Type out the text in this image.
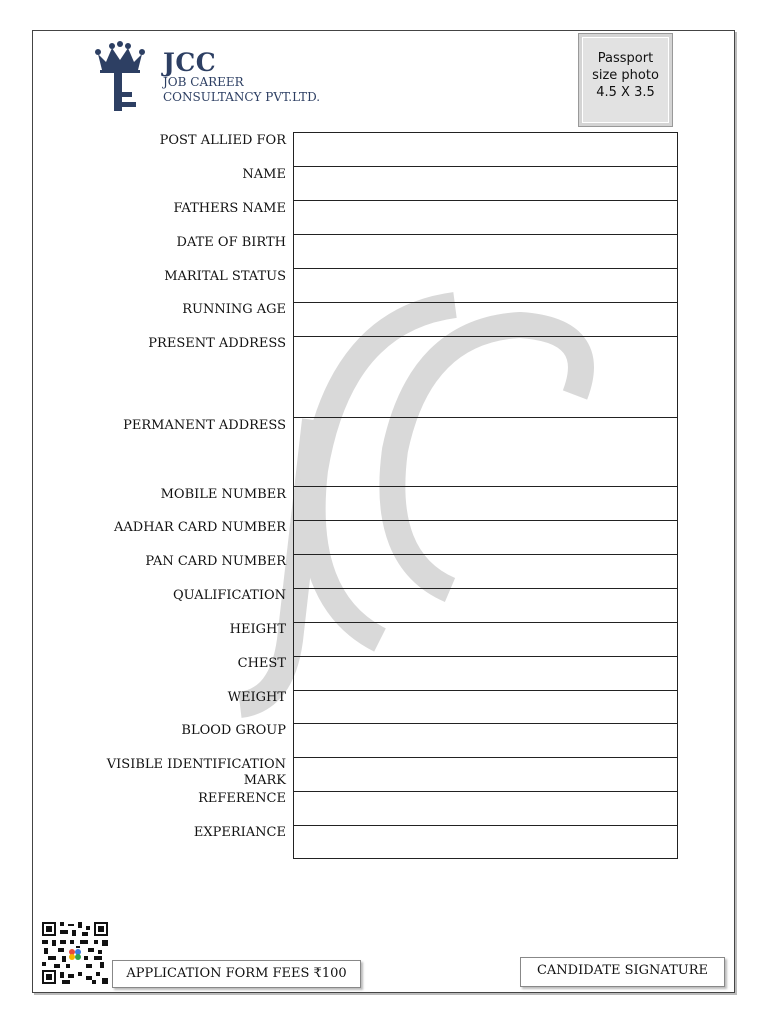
JCC
JOB CAREER
CONSULTANCY PVT.LTD.
Passport
size photo
4.5 X 3.5
POST ALLIED FOR
NAME
FATHERS NAME
DATE OF BIRTH
MARITAL STATUS
RUNNING AGE
PRESENT ADDRESS
PERMANENT ADDRESS
MOBILE NUMBER
AADHAR CARD NUMBER
PAN CARD NUMBER
QUALIFICATION
HEIGHT
CHEST
WEIGHT
BLOOD GROUP
VISIBLE IDENTIFICATION
MARK
REFERENCE
EXPERIANCE
APPLICATION FORM FEES ₹100	CANDIDATE SIGNATURE
